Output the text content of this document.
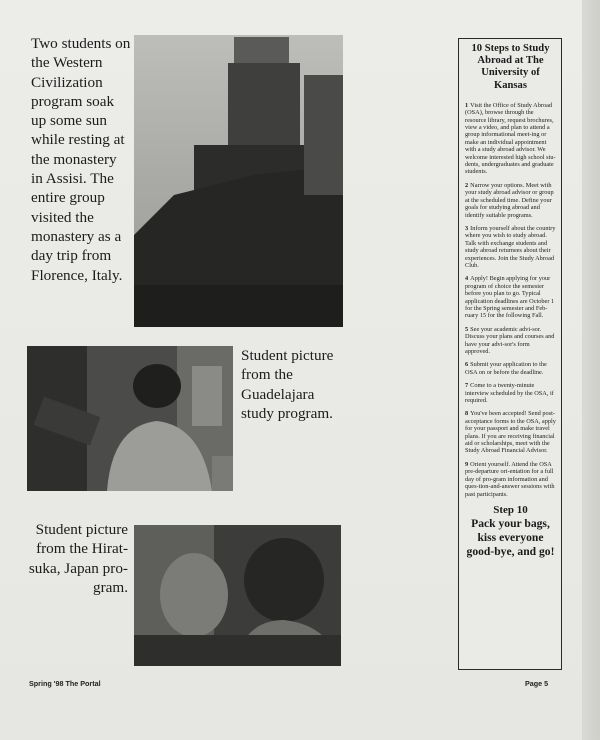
Two students on the Western Civilization program soak up some sun while resting at the monastery in Assisi. The entire group visited the monastery as a day trip from Florence, Italy.
Student picture from the Guadelajara study program.
Student picture from the Hirat-suka, Japan pro-gram.
10 Steps to Study Abroad at The University of Kansas
1 Visit the Office of Study Abroad (OSA), browse through the resource library, request brochures, view a video, and plan to attend a group informational meet-ing or make an individual appointment with a study abroad advisor. We welcome interested high school stu-dents, undergraduates and graduate students.
2 Narrow your options. Meet with your study abroad advisor or group at the scheduled time. Define your goals for studying abroad and identify suitable programs.
3 Inform yourself about the country where you wish to study abroad. Talk with exchange students and study abroad returnees about their experiences. Join the Study Abroad Club.
4 Apply! Begin applying for your program of choice the semester before you plan to go. Typical application deadlines are October 1 for the Spring semester and Feb-ruary 15 for the following Fall.
5 See your academic advi-sor. Discuss your plans and courses and have your advi-sor's form approved.
6 Submit your application to the OSA on or before the deadline.
7 Come to a twenty-minute interview scheduled by the OSA, if required.
8 You've been accepted! Send post-acceptance forms to the OSA, apply for your passport and make travel plans. If you are receiving financial aid or scholarships, meet with the Study Abroad Financial Advisor.
9 Orient yourself. Attend the OSA pre-departure ori-entation for a full day of pro-gram information and ques-tion-and-answer sessions with past participants.
Step 10
Pack your bags, kiss everyone good-bye, and go!
Spring '98 The Portal	Page 5
